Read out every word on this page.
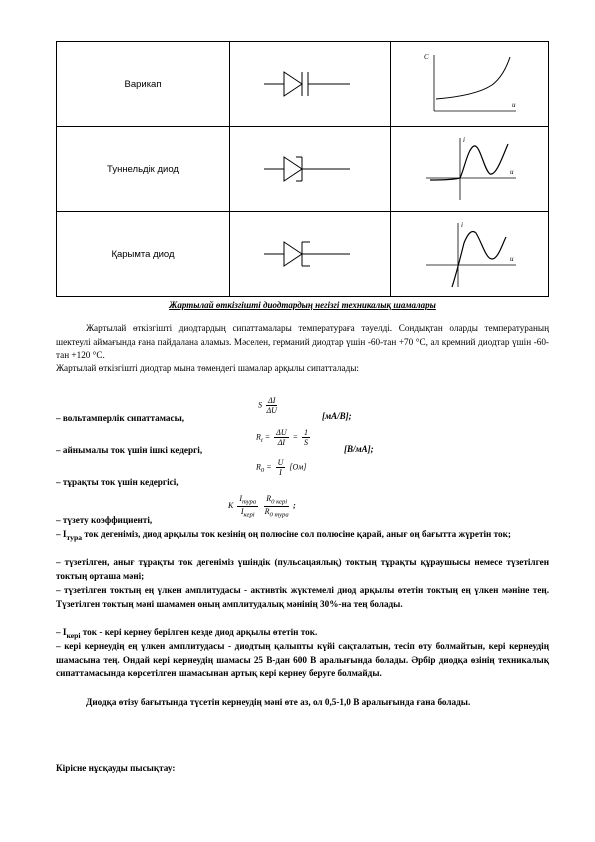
Варикап		C
u

Туннельдік диод		i
u

Қарымта диод		i
u
Жартылай өткізгішті диодтардың негізгі техникалық шамалары
Жартылай өткізгішті диодтардың сипаттамалары температураға тәуелді. Сондықтан оларды температураның шектеулі аймағында ғана пайдалана аламыз. Мәселен, германий диодтар үшін -60-тан +70 °С, ал кремний диодтар үшін -60-тан +120 °С.
Жартылай өткізгішті диодтар мына төмендегі шамалар арқылы сипатталады:
– вольтамперлік сипаттамасы,
S $\frac{\Delta I}{\Delta U}$
[мА/В];
– айнымалы ток үшін ішкі кедергі,
$R_i = \frac{\Delta U}{\Delta I} = \frac{1}{S}$
[В/мА];
– тұрақты ток үшін кедергісі,
$R_0 = \frac{U}{I} [Ом]$
– түзету коэффициенті,
K $\frac{I_{тура}}{I_{кері}}$
$\frac{R_{0 кері}}{R_{0 тура}}$ ;
– $I_{тура}$ ток дегеніміз, диод арқылы ток кезінің оң полюсіне сол полюсіне қарай, анығ оң бағытта жүретін ток;
– түзетілген, анығ тұрақты ток дегеніміз үшіндік (пульсацаялық) токтың тұрақты құраушысы немесе түзетілген токтың орташа мәні;
– түзетілген токтың ең үлкен амплитудасы - активтік жүктемелі диод арқылы өтетін токтың ең үлкен мәніне тең. Түзетілген токтың мәні шамамен оның амплитудалық мәнінің 30%-на тең болады.
– $I_{кері}$ ток - кері кернеу берілген кезде диод арқылы өтетін ток.
– кері кернеудің ең үлкен амплитудасы - диодтың қалыпты күйі сақталатын, тесіп өту болмайтын, кері кернеудің шамасына тең. Ондай кері кернеудің шамасы 25 В-дан 600 В аралығында болады. Әрбір диодқа өзінің техникалық сипаттамасында көрсетілген шамасынан артық кері кернеу беруге болмайды.
Диодқа өтізу бағытында түсетін кернеудің мәні өте аз, ол 0,5-1,0 В аралығында ғана болады.
Кірісне нұсқауды пысықтау:
